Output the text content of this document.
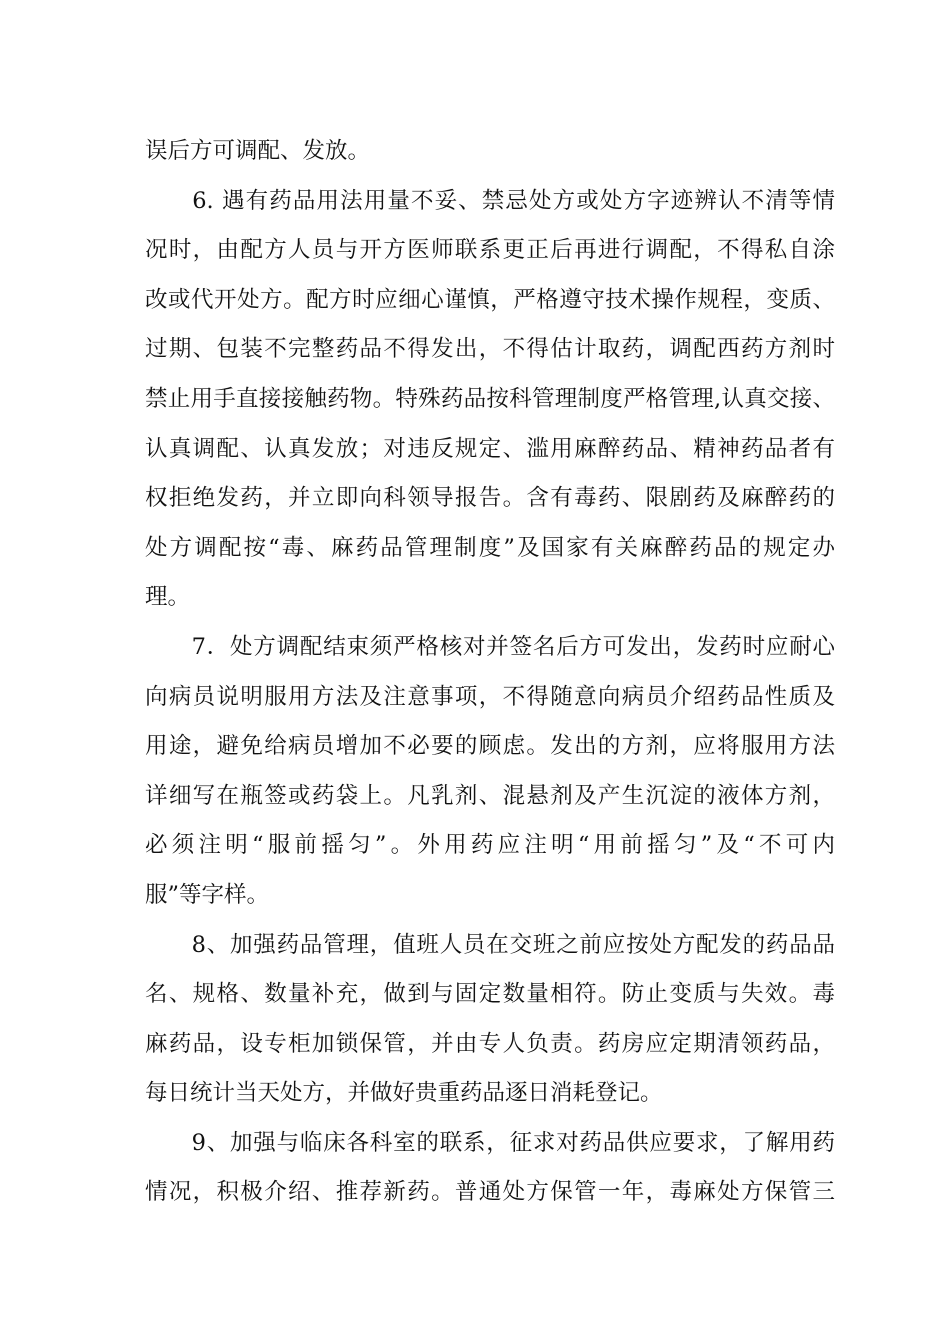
误后方可调配、发放。
　　6. 遇有药品用法用量不妥、禁忌处方或处方字迹辨认不清等情
况时，由配方人员与开方医师联系更正后再进行调配，不得私自涂
改或代开处方。配方时应细心谨慎，严格遵守技术操作规程，变质、
过期、包装不完整药品不得发出，不得估计取药，调配西药方剂时
禁止用手直接接触药物。特殊药品按科管理制度严格管理,认真交接、
认真调配、认真发放；对违反规定、滥用麻醉药品、精神药品者有
权拒绝发药，并立即向科领导报告。含有毒药、限剧药及麻醉药的
处方调配按“毒、麻药品管理制度”及国家有关麻醉药品的规定办
理。
　　7．处方调配结束须严格核对并签名后方可发出，发药时应耐心
向病员说明服用方法及注意事项，不得随意向病员介绍药品性质及
用途，避免给病员增加不必要的顾虑。发出的方剂，应将服用方法
详细写在瓶签或药袋上。凡乳剂、混悬剂及产生沉淀的液体方剂，
必须注明“服前摇匀”。外用药应注明“用前摇匀”及“不可内
服”等字样。
　　8、加强药品管理，值班人员在交班之前应按处方配发的药品品
名、规格、数量补充，做到与固定数量相符。防止变质与失效。毒
麻药品，设专柜加锁保管，并由专人负责。药房应定期清领药品，
每日统计当天处方，并做好贵重药品逐日消耗登记。
　　9、加强与临床各科室的联系，征求对药品供应要求，了解用药
情况，积极介绍、推荐新药。普通处方保管一年，毒麻处方保管三
